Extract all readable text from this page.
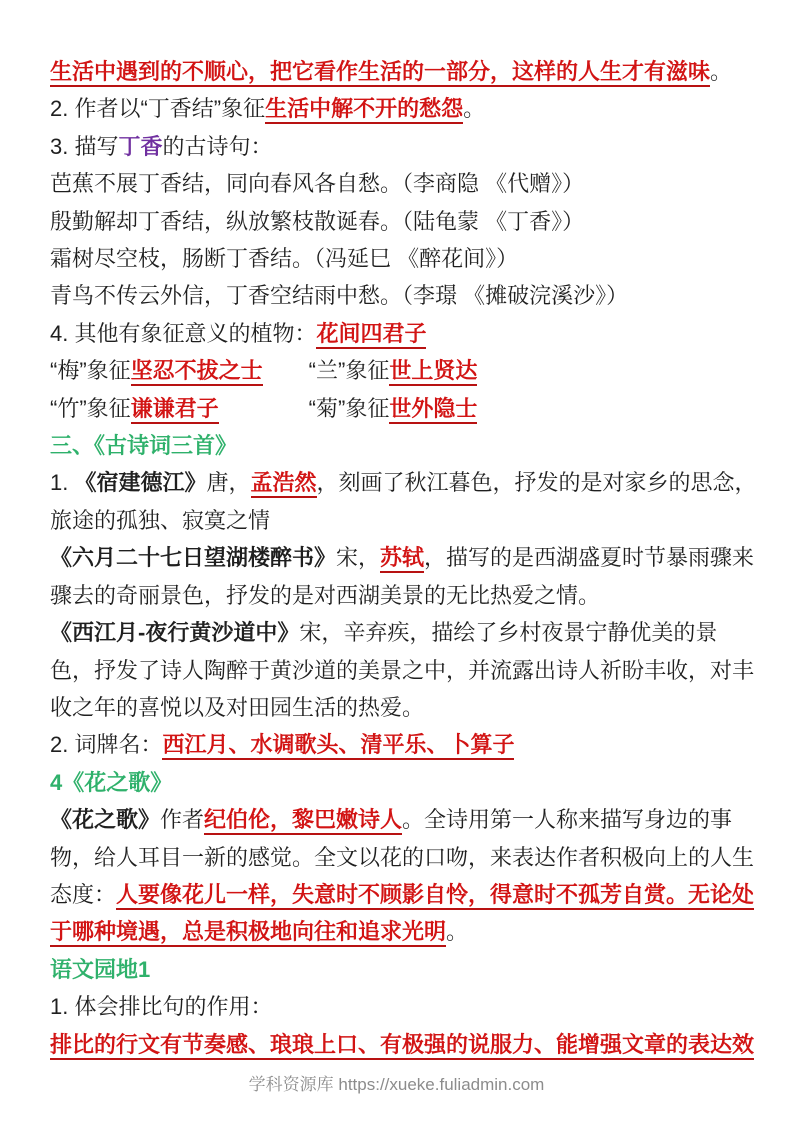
生活中遇到的不顺心，把它看作生活的一部分，这样的人生才有滋味。
2. 作者以“丁香结”象征生活中解不开的愁怨。
3. 描写丁香的古诗句：
芭蕉不展丁香结，同向春风各自愁。（李商隐 《代赠》）
殷勤解却丁香结，纵放繁枝散诞春。（陆龟蒙 《丁香》）
霜树尽空枝，肠断丁香结。（冯延巳 《醉花间》）
青鸟不传云外信，丁香空结雨中愁。（李璟 《摊破浣溪沙》）
4. 其他有象征意义的植物：花间四君子
“梅”象征坚忍不拔之士 “兰”象征世上贤达
“竹”象征谦谦君子	“菊”象征世外隐士
三、《古诗词三首》
1. 《宿建德江》唐，孟浩然，刻画了秋江暮色，抒发的是对家乡的思念，
旅途的孤独、寂寞之情
《六月二十七日望湖楼醉书》宋，苏轼，描写的是西湖盛夏时节暴雨骤来
骤去的奇丽景色，抒发的是对西湖美景的无比热爱之情。
《西江月-夜行黄沙道中》宋，辛弃疾，描绘了乡村夜景宁静优美的景
色，抒发了诗人陶醉于黄沙道的美景之中，并流露出诗人祈盼丰收，对丰
收之年的喜悦以及对田园生活的热爱。
2. 词牌名：西江月、水调歌头、清平乐、卜算子
4《花之歌》
《花之歌》作者纪伯伦，黎巴嫩诗人。全诗用第一人称来描写身边的事
物，给人耳目一新的感觉。全文以花的口吻，来表达作者积极向上的人生
态度：人要像花儿一样，失意时不顾影自怜，得意时不孤芳自赏。无论处
于哪种境遇，总是积极地向往和追求光明。
语文园地1
1. 体会排比句的作用：
排比的行文有节奏感、琅琅上口、有极强的说服力、能增强文章的表达效
学科资源库 https://xueke.fuliadmin.com
